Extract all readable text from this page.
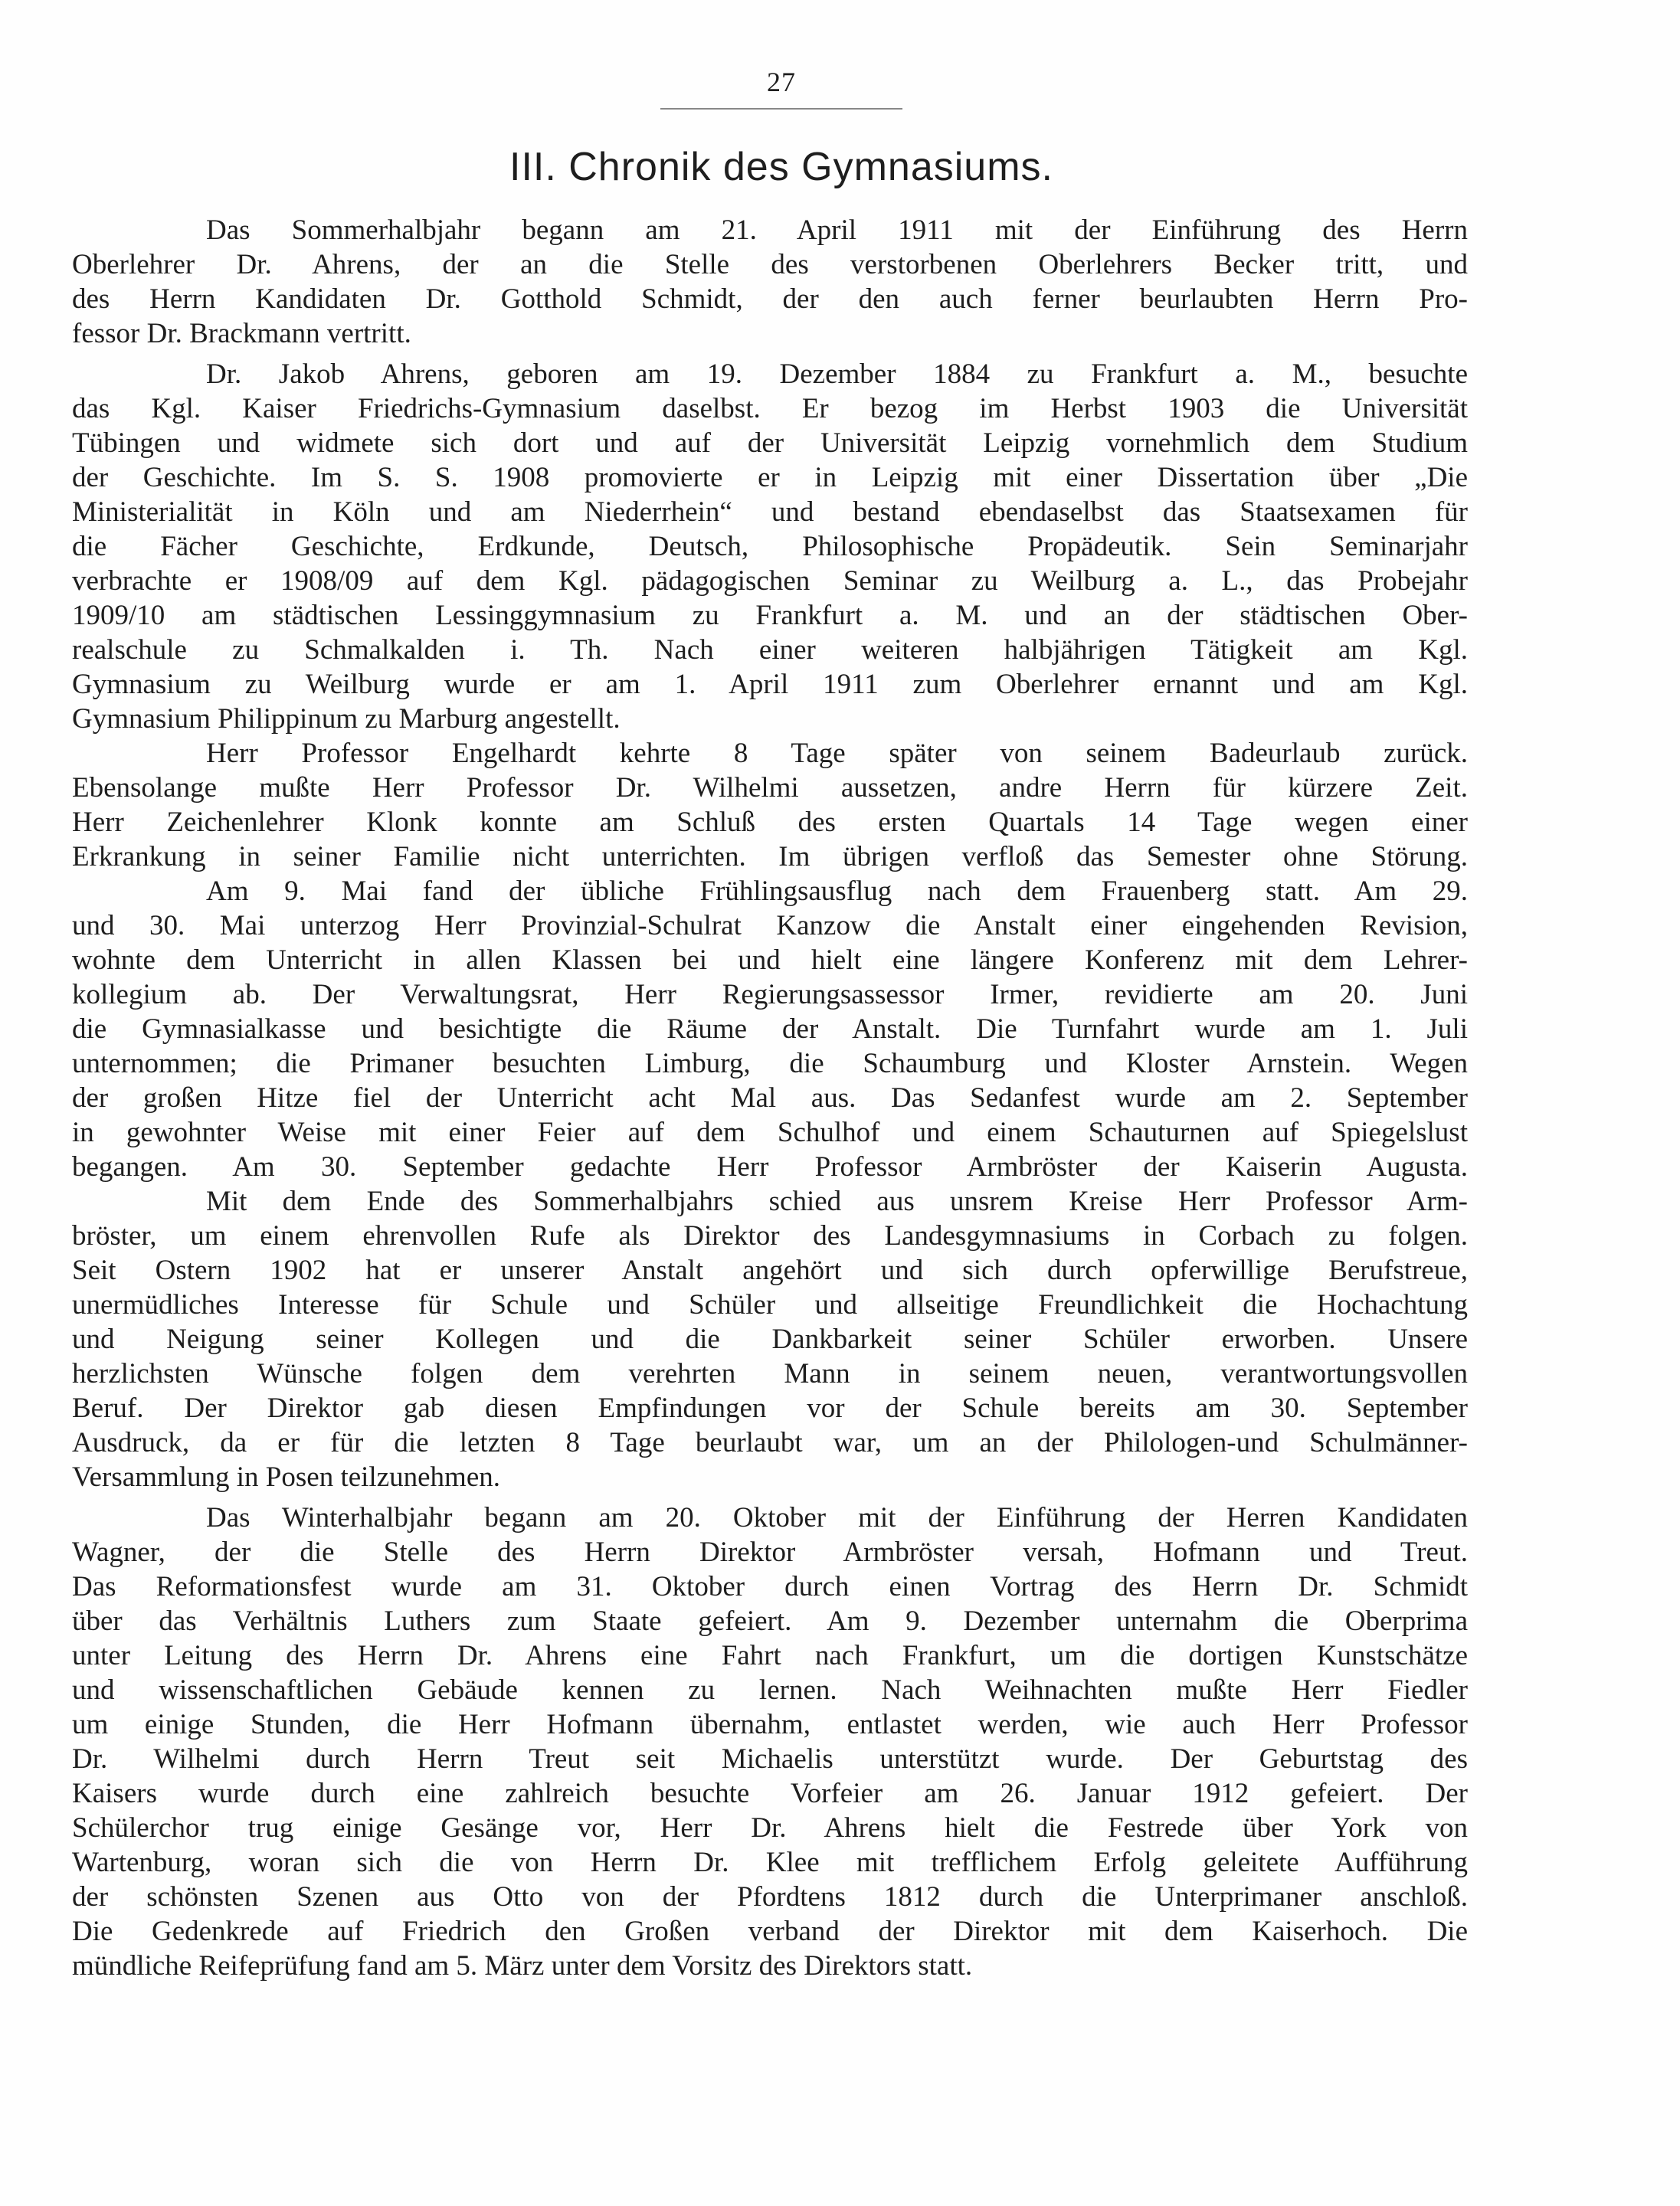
27
III. Chronik des Gymnasiums.
Das Sommerhalbjahr begann am 21. April 1911 mit der Einführung des Herrn
Oberlehrer Dr. Ahrens, der an die Stelle des verstorbenen Oberlehrers Becker tritt, und
des Herrn Kandidaten Dr. Gotthold Schmidt, der den auch ferner beurlaubten Herrn Pro-
fessor Dr. Brackmann vertritt.
Dr. Jakob Ahrens, geboren am 19. Dezember 1884 zu Frankfurt a. M., besuchte
das Kgl. Kaiser Friedrichs-Gymnasium daselbst. Er bezog im Herbst 1903 die Universität
Tübingen und widmete sich dort und auf der Universität Leipzig vornehmlich dem Studium
der Geschichte. Im S. S. 1908 promovierte er in Leipzig mit einer Dissertation über „Die
Ministerialität in Köln und am Niederrhein“ und bestand ebendaselbst das Staatsexamen für
die Fächer Geschichte, Erdkunde, Deutsch, Philosophische Propädeutik. Sein Seminarjahr
verbrachte er 1908/09 auf dem Kgl. pädagogischen Seminar zu Weilburg a. L., das Probejahr
1909/10 am städtischen Lessinggymnasium zu Frankfurt a. M. und an der städtischen Ober-
realschule zu Schmalkalden i. Th. Nach einer weiteren halbjährigen Tätigkeit am Kgl.
Gymnasium zu Weilburg wurde er am 1. April 1911 zum Oberlehrer ernannt und am Kgl.
Gymnasium Philippinum zu Marburg angestellt.
Herr Professor Engelhardt kehrte 8 Tage später von seinem Badeurlaub zurück.
Ebensolange mußte Herr Professor Dr. Wilhelmi aussetzen, andre Herrn für kürzere Zeit.
Herr Zeichenlehrer Klonk konnte am Schluß des ersten Quartals 14 Tage wegen einer
Erkrankung in seiner Familie nicht unterrichten. Im übrigen verfloß das Semester ohne Störung.
Am 9. Mai fand der übliche Frühlingsausflug nach dem Frauenberg statt. Am 29.
und 30. Mai unterzog Herr Provinzial-Schulrat Kanzow die Anstalt einer eingehenden Revision,
wohnte dem Unterricht in allen Klassen bei und hielt eine längere Konferenz mit dem Lehrer-
kollegium ab. Der Verwaltungsrat, Herr Regierungsassessor Irmer, revidierte am 20. Juni
die Gymnasialkasse und besichtigte die Räume der Anstalt. Die Turnfahrt wurde am 1. Juli
unternommen; die Primaner besuchten Limburg, die Schaumburg und Kloster Arnstein. Wegen
der großen Hitze fiel der Unterricht acht Mal aus. Das Sedanfest wurde am 2. September
in gewohnter Weise mit einer Feier auf dem Schulhof und einem Schauturnen auf Spiegelslust
begangen. Am 30. September gedachte Herr Professor Armbröster der Kaiserin Augusta.
Mit dem Ende des Sommerhalbjahrs schied aus unsrem Kreise Herr Professor Arm-
bröster, um einem ehrenvollen Rufe als Direktor des Landesgymnasiums in Corbach zu folgen.
Seit Ostern 1902 hat er unserer Anstalt angehört und sich durch opferwillige Berufstreue,
unermüdliches Interesse für Schule und Schüler und allseitige Freundlichkeit die Hochachtung
und Neigung seiner Kollegen und die Dankbarkeit seiner Schüler erworben. Unsere
herzlichsten Wünsche folgen dem verehrten Mann in seinem neuen, verantwortungsvollen
Beruf. Der Direktor gab diesen Empfindungen vor der Schule bereits am 30. September
Ausdruck, da er für die letzten 8 Tage beurlaubt war, um an der Philologen-und Schulmänner-
Versammlung in Posen teilzunehmen.
Das Winterhalbjahr begann am 20. Oktober mit der Einführung der Herren Kandidaten
Wagner, der die Stelle des Herrn Direktor Armbröster versah, Hofmann und Treut.
Das Reformationsfest wurde am 31. Oktober durch einen Vortrag des Herrn Dr. Schmidt
über das Verhältnis Luthers zum Staate gefeiert. Am 9. Dezember unternahm die Oberprima
unter Leitung des Herrn Dr. Ahrens eine Fahrt nach Frankfurt, um die dortigen Kunstschätze
und wissenschaftlichen Gebäude kennen zu lernen. Nach Weihnachten mußte Herr Fiedler
um einige Stunden, die Herr Hofmann übernahm, entlastet werden, wie auch Herr Professor
Dr. Wilhelmi durch Herrn Treut seit Michaelis unterstützt wurde. Der Geburtstag des
Kaisers wurde durch eine zahlreich besuchte Vorfeier am 26. Januar 1912 gefeiert. Der
Schülerchor trug einige Gesänge vor, Herr Dr. Ahrens hielt die Festrede über York von
Wartenburg, woran sich die von Herrn Dr. Klee mit trefflichem Erfolg geleitete Aufführung
der schönsten Szenen aus Otto von der Pfordtens 1812 durch die Unterprimaner anschloß.
Die Gedenkrede auf Friedrich den Großen verband der Direktor mit dem Kaiserhoch. Die
mündliche Reifeprüfung fand am 5. März unter dem Vorsitz des Direktors statt.
